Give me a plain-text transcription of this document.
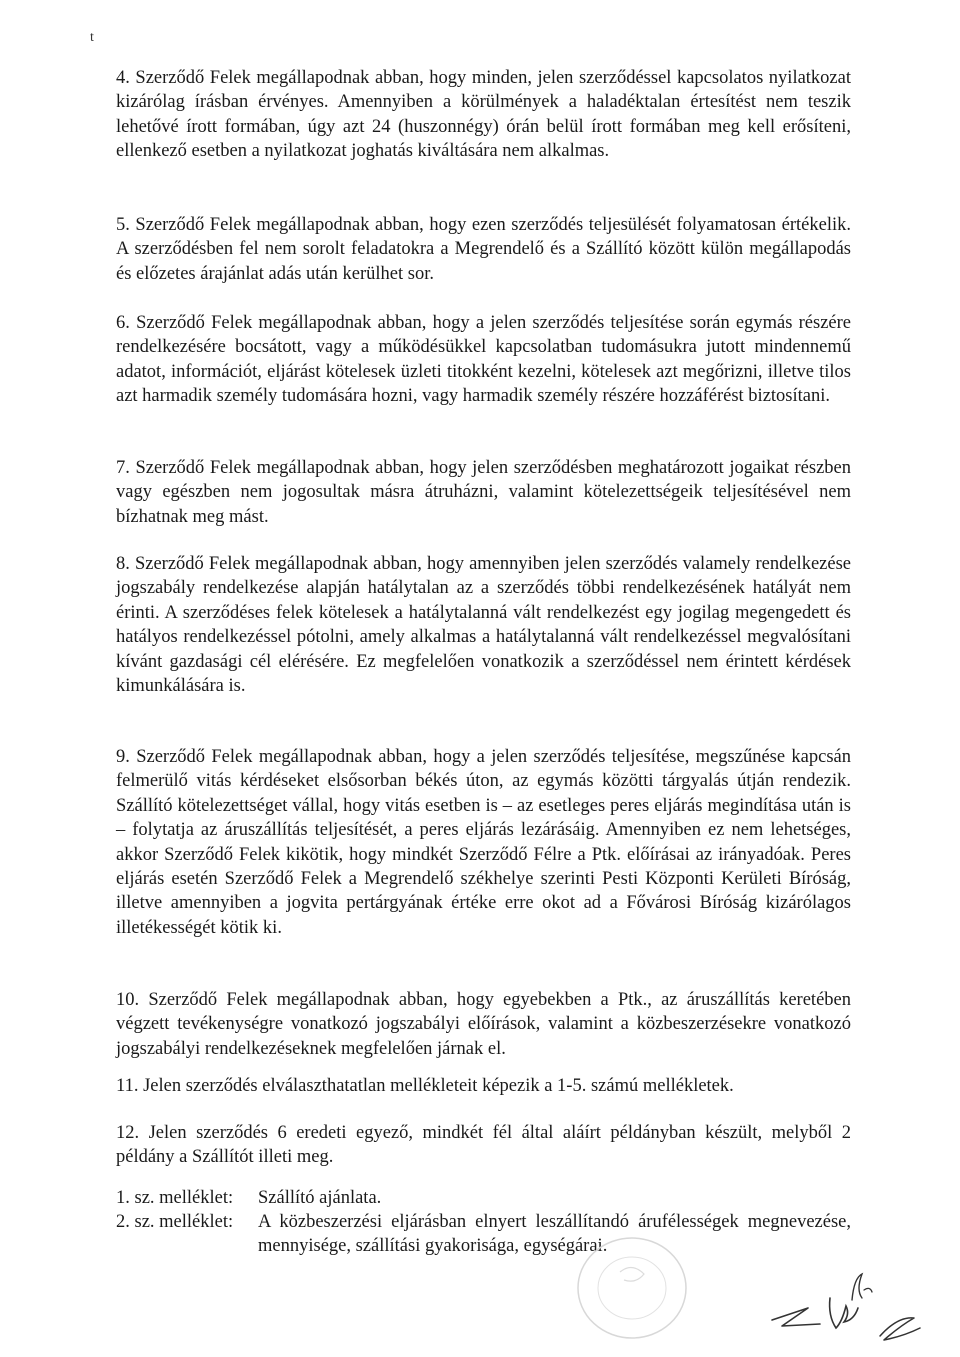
t

4. Szerződő Felek megállapodnak abban, hogy minden, jelen szerződéssel kapcsolatos nyilatkozat kizárólag írásban érvényes. Amennyiben a körülmények a haladéktalan értesítést nem teszik lehetővé írott formában, úgy azt 24 (huszonnégy) órán belül írott formában meg kell erősíteni, ellenkező esetben a nyilatkozat joghatás kiváltására nem alkalmas.

5. Szerződő Felek megállapodnak abban, hogy ezen szerződés teljesülését folyamatosan értékelik. A szerződésben fel nem sorolt feladatokra a Megrendelő és a Szállító között külön megállapodás és előzetes árajánlat adás után kerülhet sor.

6. Szerződő Felek megállapodnak abban, hogy a jelen szerződés teljesítése során egymás részére rendelkezésére bocsátott, vagy a működésükkel kapcsolatban tudomásukra jutott mindennemű adatot, információt, eljárást kötelesek üzleti titokként kezelni, kötelesek azt megőrizni, illetve tilos azt harmadik személy tudomására hozni, vagy harmadik személy részére hozzáférést biztosítani.

7. Szerződő Felek megállapodnak abban, hogy jelen szerződésben meghatározott jogaikat részben vagy egészben nem jogosultak másra átruházni, valamint kötelezettségeik teljesítésével nem bízhatnak meg mást.

8. Szerződő Felek megállapodnak abban, hogy amennyiben jelen szerződés valamely rendelkezése jogszabály rendelkezése alapján hatálytalan az a szerződés többi rendelkezésének hatályát nem érinti. A szerződéses felek kötelesek a hatálytalanná vált rendelkezést egy jogilag megengedett és hatályos rendelkezéssel pótolni, amely alkalmas a hatálytalanná vált rendelkezéssel megvalósítani kívánt gazdasági cél elérésére. Ez megfelelően vonatkozik a szerződéssel nem érintett kérdések kimunkálására is.

9. Szerződő Felek megállapodnak abban, hogy a jelen szerződés teljesítése, megszűnése kapcsán felmerülő vitás kérdéseket elsősorban békés úton, az egymás közötti tárgyalás útján rendezik. Szállító kötelezettséget vállal, hogy vitás esetben is – az esetleges peres eljárás megindítása után is – folytatja az áruszállítás teljesítését, a peres eljárás lezárásáig. Amennyiben ez nem lehetséges, akkor Szerződő Felek kikötik, hogy mindkét Szerződő Félre a Ptk. előírásai az irányadóak. Peres eljárás esetén Szerződő Felek a Megrendelő székhelye szerinti Pesti Központi Kerületi Bíróság, illetve amennyiben a jogvita pertárgyának értéke erre okot ad a Fővárosi Bíróság kizárólagos illetékességét kötik ki.

10. Szerződő Felek megállapodnak abban, hogy egyebekben a Ptk., az áruszállítás keretében végzett tevékenységre vonatkozó jogszabályi előírások, valamint a közbeszerzésekre vonatkozó jogszabályi rendelkezéseknek megfelelően járnak el.

11. Jelen szerződés elválaszthatatlan mellékleteit képezik a 1-5. számú mellékletek.

12. Jelen szerződés 6 eredeti egyező, mindkét fél által aláírt példányban készült, melyből 2 példány a Szállítót illeti meg.

1. sz. melléklet:	Szállító ajánlata.
2. sz. melléklet:	A közbeszerzési eljárásban elnyert leszállítandó árufélességek megnevezése, mennyisége, szállítási gyakorisága, egységárai.
